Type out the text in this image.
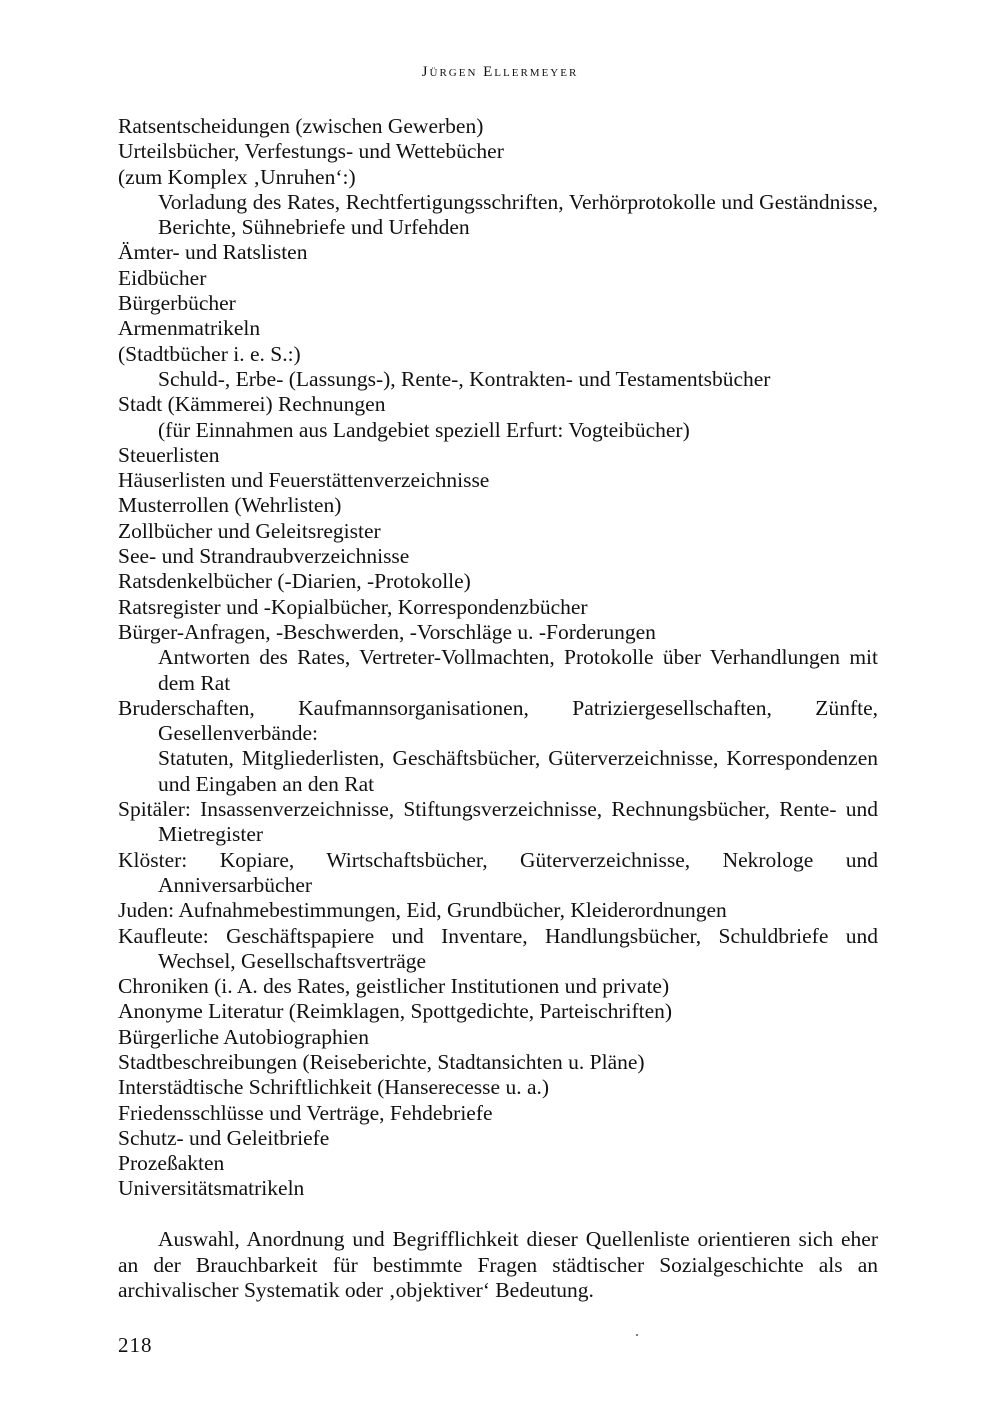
Jürgen Ellermeyer
Ratsentscheidungen (zwischen Gewerben)
Urteilsbücher, Verfestungs- und Wettebücher
(zum Komplex ‚Unruhen‘:)
Vorladung des Rates, Rechtfertigungsschriften, Verhörprotokolle und Geständnisse, Berichte, Sühnebriefe und Urfehden
Ämter- und Ratslisten
Eidbücher
Bürgerbücher
Armenmatrikeln
(Stadtbücher i. e. S.:)
Schuld-, Erbe- (Lassungs-), Rente-, Kontrakten- und Testamentsbücher
Stadt (Kämmerei) Rechnungen
(für Einnahmen aus Landgebiet speziell Erfurt: Vogteibücher)
Steuerlisten
Häuserlisten und Feuerstättenverzeichnisse
Musterrollen (Wehrlisten)
Zollbücher und Geleitsregister
See- und Strandraubverzeichnisse
Ratsdenkelbücher (-Diarien, -Protokolle)
Ratsregister und -Kopialbücher, Korrespondenzbücher
Bürger-Anfragen, -Beschwerden, -Vorschläge u. -Forderungen
Antworten des Rates, Vertreter-Vollmachten, Protokolle über Verhandlungen mit dem Rat
Bruderschaften, Kaufmannsorganisationen, Patriziergesellschaften, Zünfte, Gesellenverbände:
Statuten, Mitgliederlisten, Geschäftsbücher, Güterverzeichnisse, Korrespondenzen und Eingaben an den Rat
Spitäler: Insassenverzeichnisse, Stiftungsverzeichnisse, Rechnungsbücher, Rente- und Mietregister
Klöster: Kopiare, Wirtschaftsbücher, Güterverzeichnisse, Nekrologe und Anniversarbücher
Juden: Aufnahmebestimmungen, Eid, Grundbücher, Kleiderordnungen
Kaufleute: Geschäftspapiere und Inventare, Handlungsbücher, Schuldbriefe und Wechsel, Gesellschaftsverträge
Chroniken (i. A. des Rates, geistlicher Institutionen und private)
Anonyme Literatur (Reimklagen, Spottgedichte, Parteischriften)
Bürgerliche Autobiographien
Stadtbeschreibungen (Reiseberichte, Stadtansichten u. Pläne)
Interstädtische Schriftlichkeit (Hanserecesse u. a.)
Friedensschlüsse und Verträge, Fehdebriefe
Schutz- und Geleitbriefe
Prozeßakten
Universitätsmatrikeln

Auswahl, Anordnung und Begrifflichkeit dieser Quellenliste orientieren sich eher an der Brauchbarkeit für bestimmte Fragen städtischer Sozialgeschichte als an archivalischer Systematik oder ‚objektiver‘ Bedeutung.

218
